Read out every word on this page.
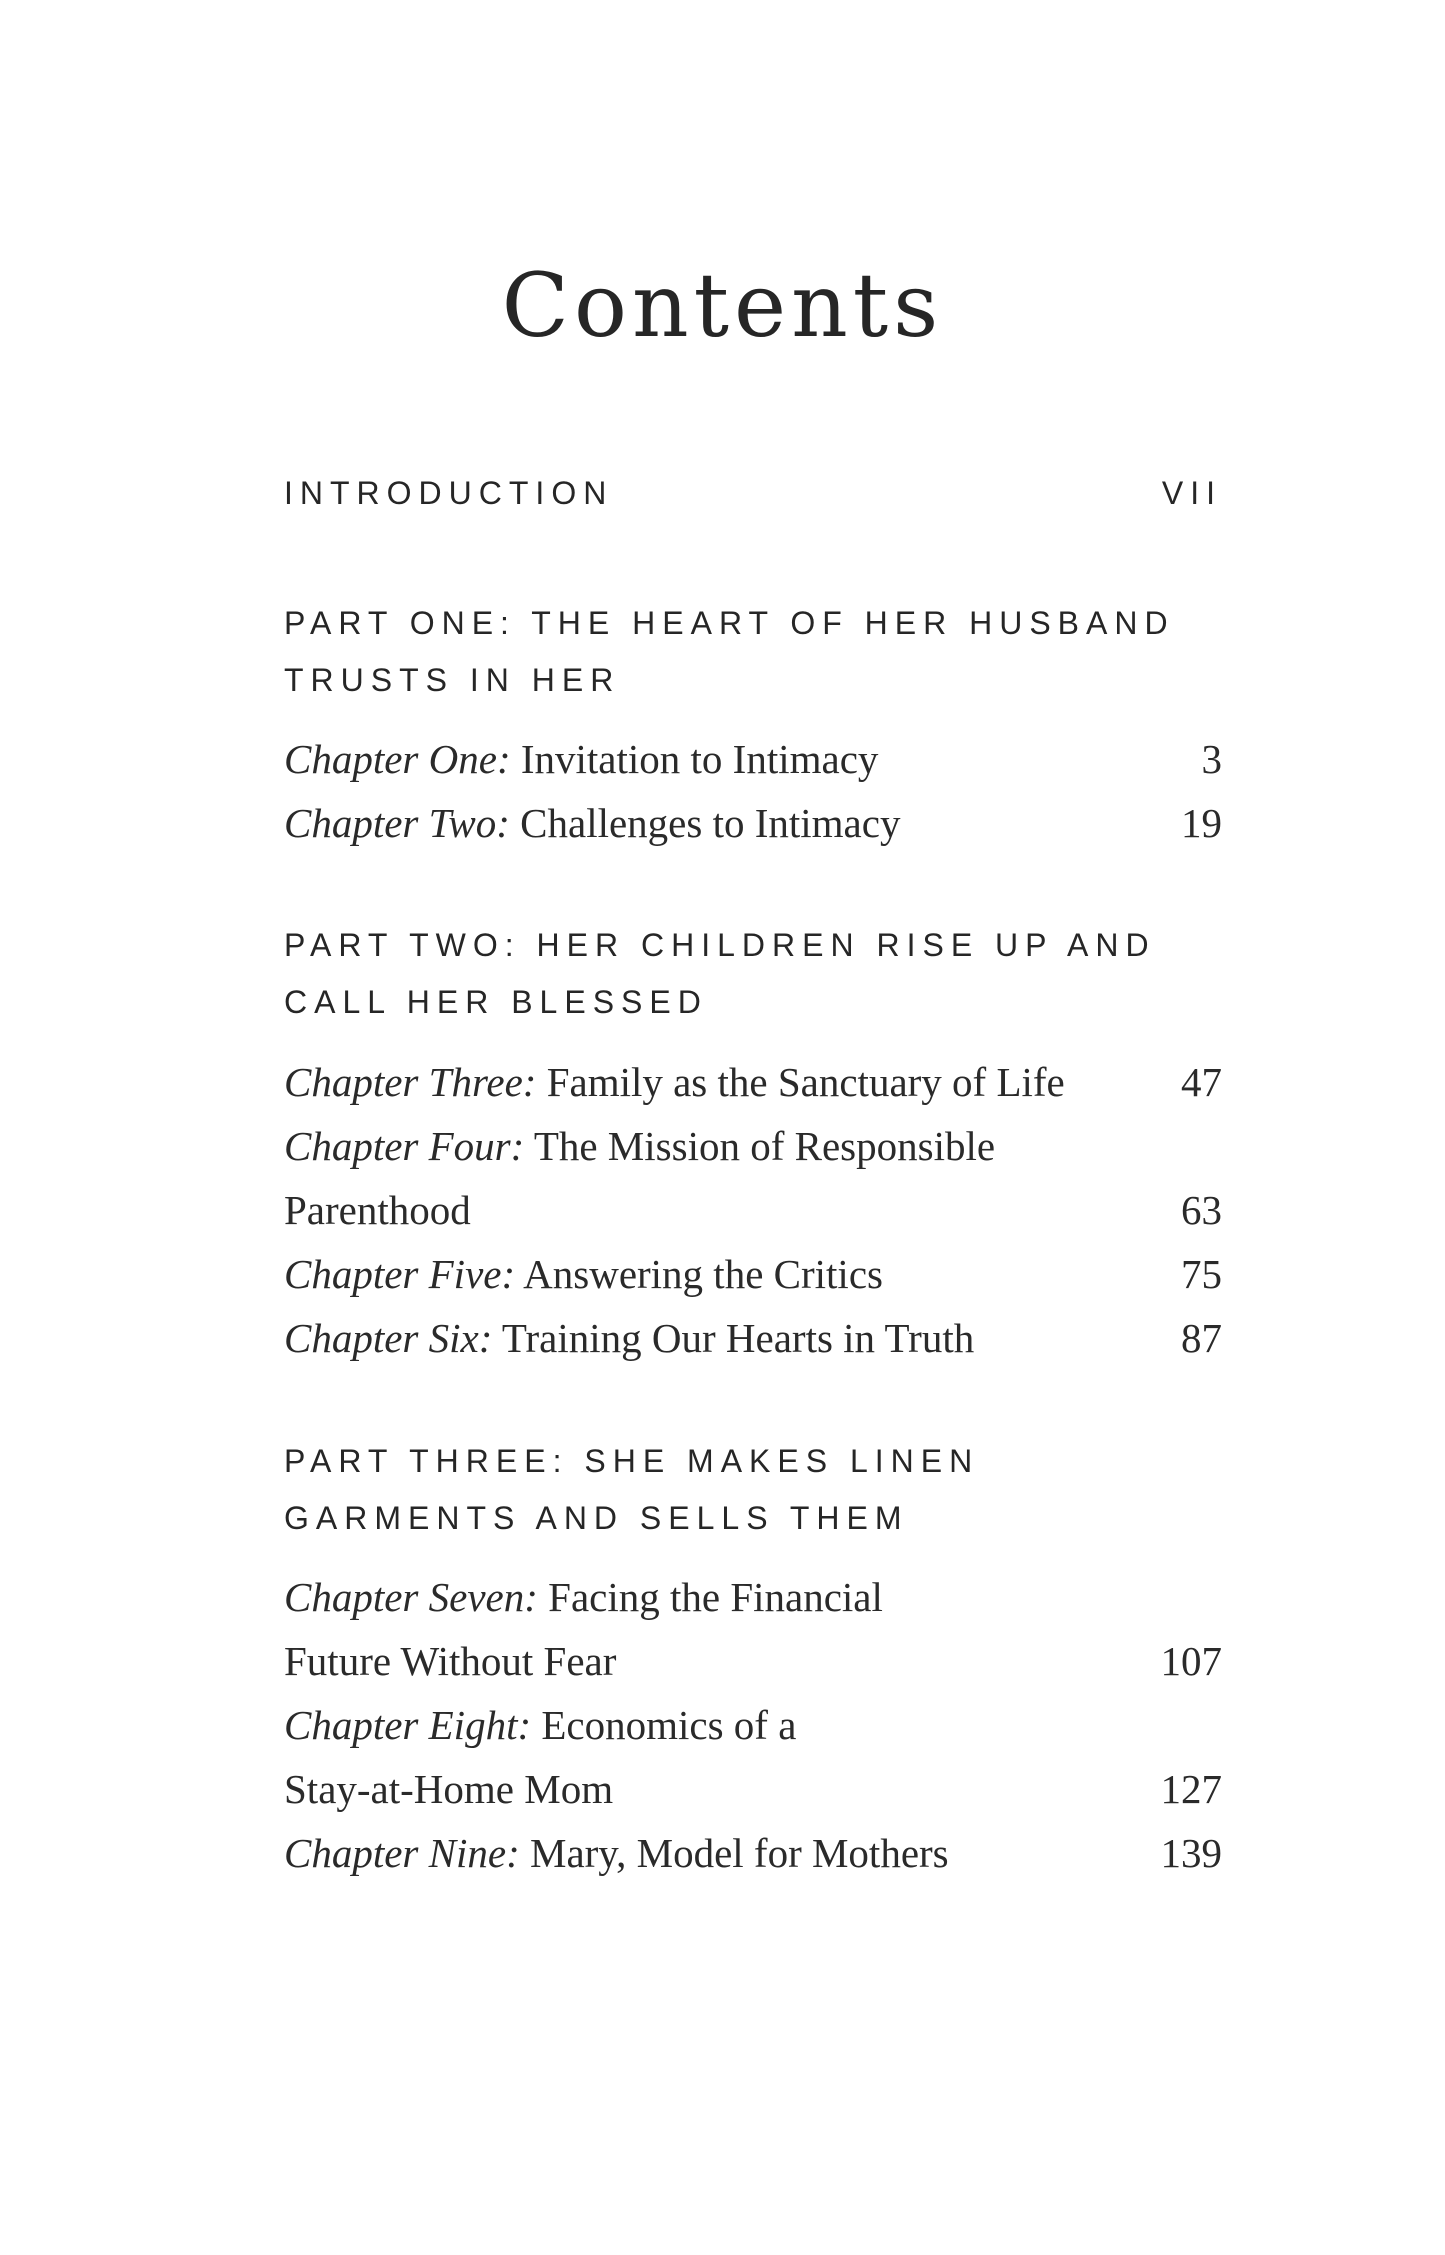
Contents
INTRODUCTION	VII
PART ONE: THE HEART OF HER HUSBAND
TRUSTS IN HER
Chapter One: Invitation to Intimacy	3
Chapter Two: Challenges to Intimacy	19
PART TWO: HER CHILDREN RISE UP AND
CALL HER BLESSED
Chapter Three: Family as the Sanctuary of Life	47
Chapter Four: The Mission of Responsible
Parenthood	63
Chapter Five: Answering the Critics	75
Chapter Six: Training Our Hearts in Truth	87
PART THREE: SHE MAKES LINEN
GARMENTS AND SELLS THEM
Chapter Seven: Facing the Financial
Future Without Fear	107
Chapter Eight: Economics of a
Stay-at-Home Mom	127
Chapter Nine: Mary, Model for Mothers	139
